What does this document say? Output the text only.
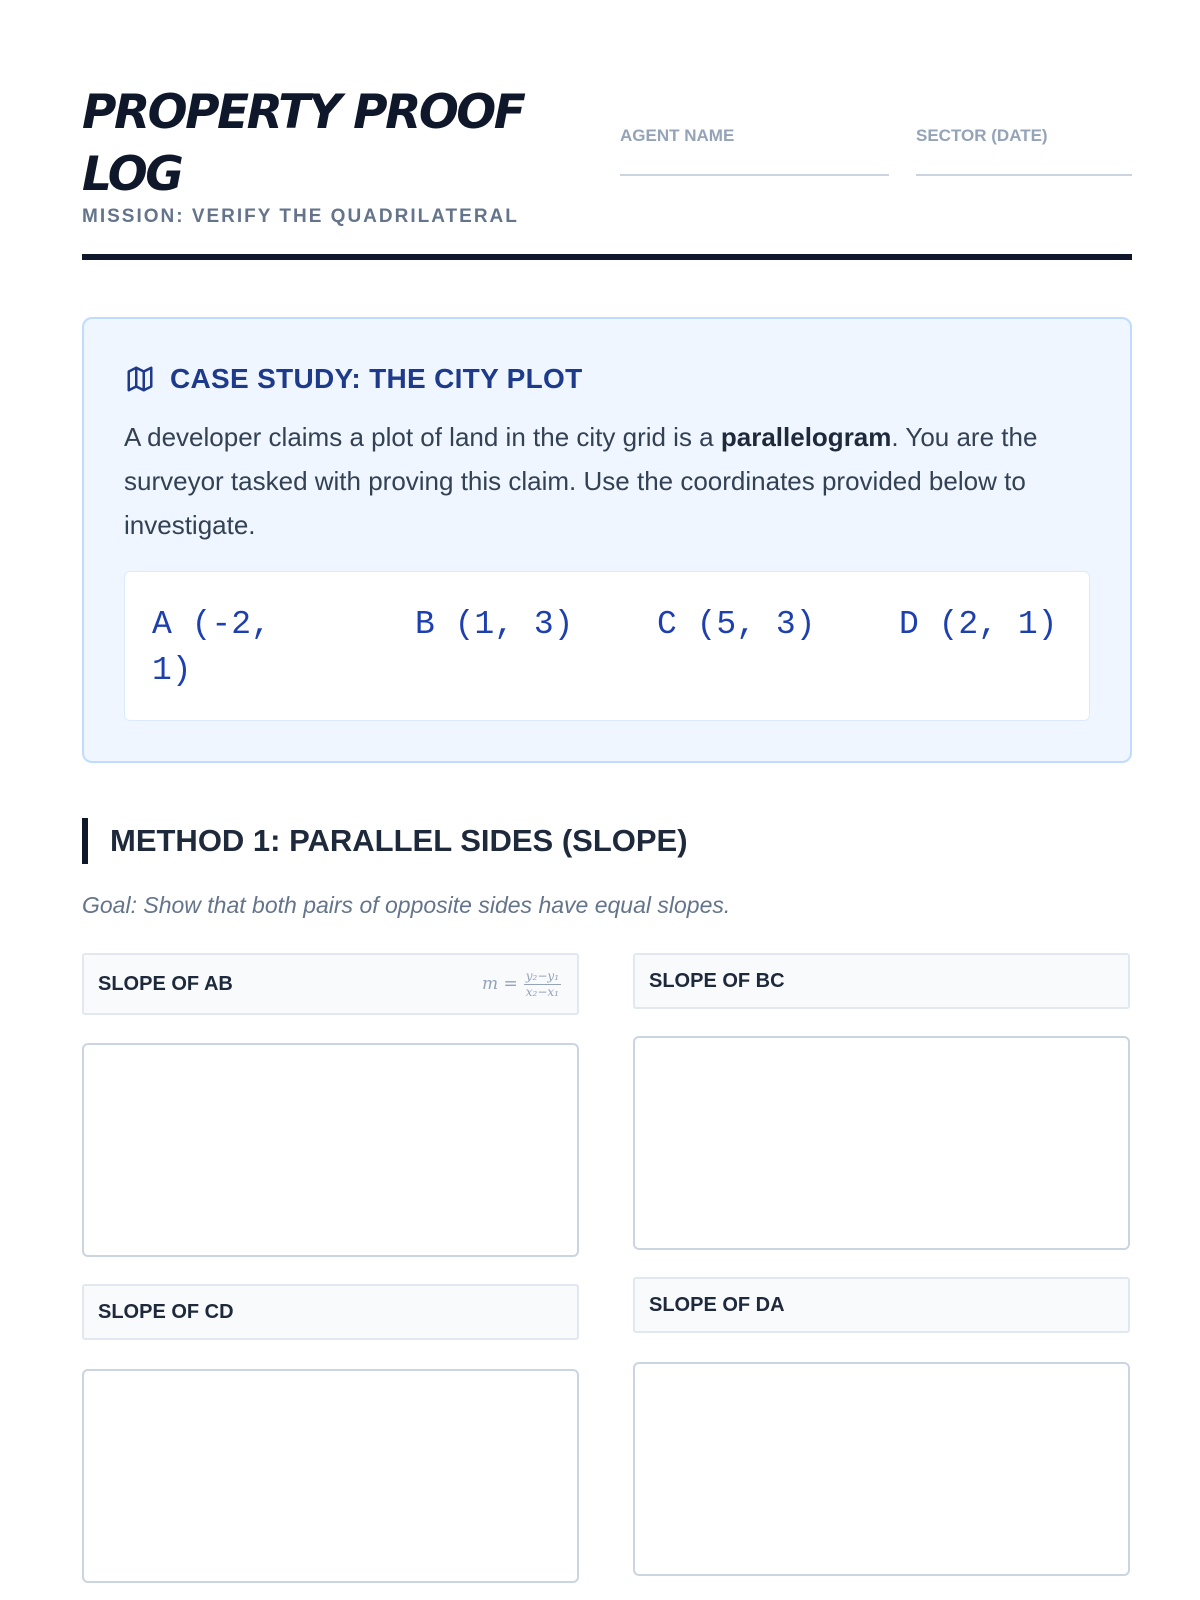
PROPERTY PROOF LOG
MISSION: VERIFY THE QUADRILATERAL
AGENT NAME	SECTOR (DATE)
CASE STUDY: THE CITY PLOT

A developer claims a plot of land in the city grid is a parallelogram. You are the surveyor tasked with proving this claim. Use the coordinates provided below to investigate.

A (-2, 1)
B (1, 3)	C (5, 3)	D (2, 1)
METHOD 1: PARALLEL SIDES (SLOPE)
Goal: Show that both pairs of opposite sides have equal slopes.
SLOPE OF AB	$m = \frac{\text{y₂−y₁}}{\text{x₂−x₁}}$	SLOPE OF BC
SLOPE OF CD	SLOPE OF DA
